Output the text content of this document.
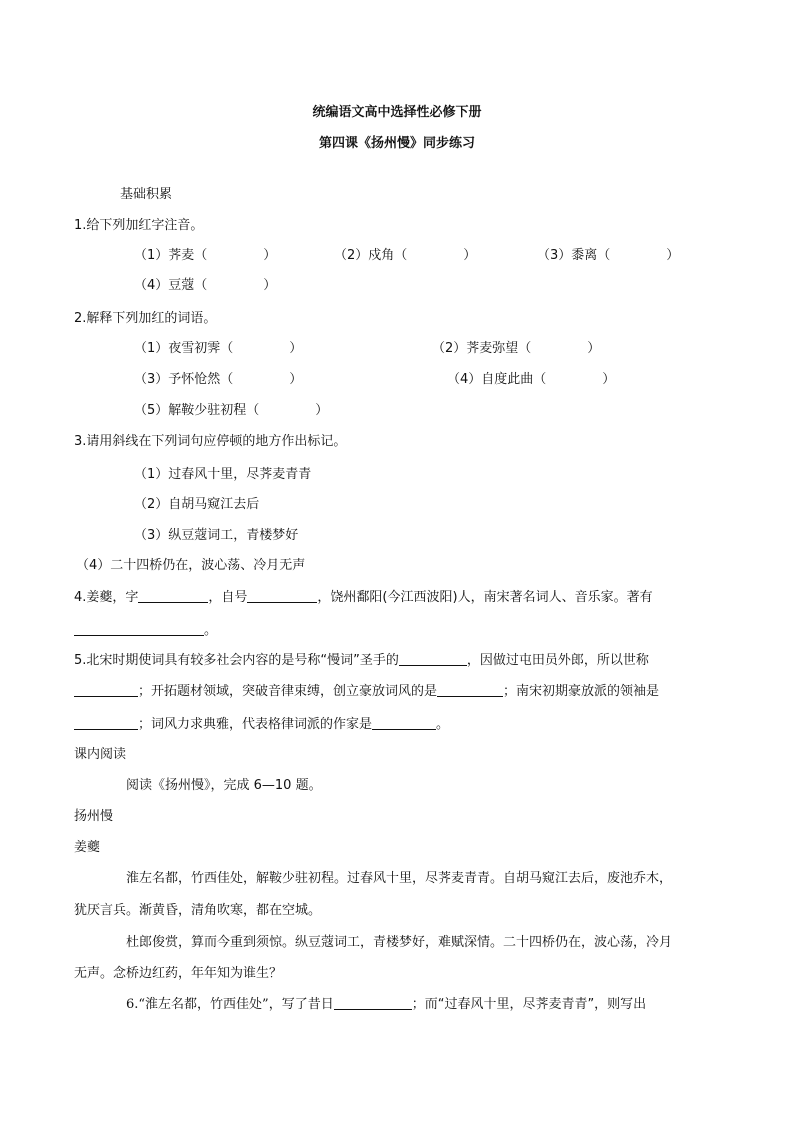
统编语文高中选择性必修下册
第四课《扬州慢》同步练习
基础积累
1.给下列加红字注音。
（1）荠麦（	）	（2）戍角（	）	（3）黍离（	）
（4）豆蔻（	）
2.解释下列加红的词语。
（1）夜雪初霁（	）	（2）荠麦弥望（	）
（3）予怀怆然（	）	（4）自度此曲（	）
（5）解鞍少驻初程（	）
3.请用斜线在下列词句应停顿的地方作出标记。
（1）过春风十里，尽荠麦青青
（2）自胡马窥江去后
（3）纵豆蔻词工，青楼梦好
（4）二十四桥仍在，波心荡、冷月无声
4.姜夔，字	，自号	，饶州鄱阳(今江西波阳)人，南宋著名词人、音乐家。著有
。
5.北宋时期使词具有较多社会内容的是号称“慢词”圣手的	，因做过屯田员外郎，所以世称
；开拓题材领域，突破音律束缚，创立豪放词风的是	；南宋初期豪放派的领袖是
；词风力求典雅，代表格律词派的作家是	。
课内阅读
阅读《扬州慢》，完成 6—10 题。
扬州慢
姜夔
淮左名都，竹西佳处，解鞍少驻初程。过春风十里，尽荠麦青青。自胡马窥江去后，废池乔木，
犹厌言兵。渐黄昏，清角吹寒，都在空城。
杜郎俊赏，算而今重到须惊。纵豆蔻词工，青楼梦好，难赋深情。二十四桥仍在，波心荡，冷月
无声。念桥边红药，年年知为谁生？
6.“淮左名都，竹西佳处”，写了昔日	；而“过春风十里，尽荠麦青青”，则写出
